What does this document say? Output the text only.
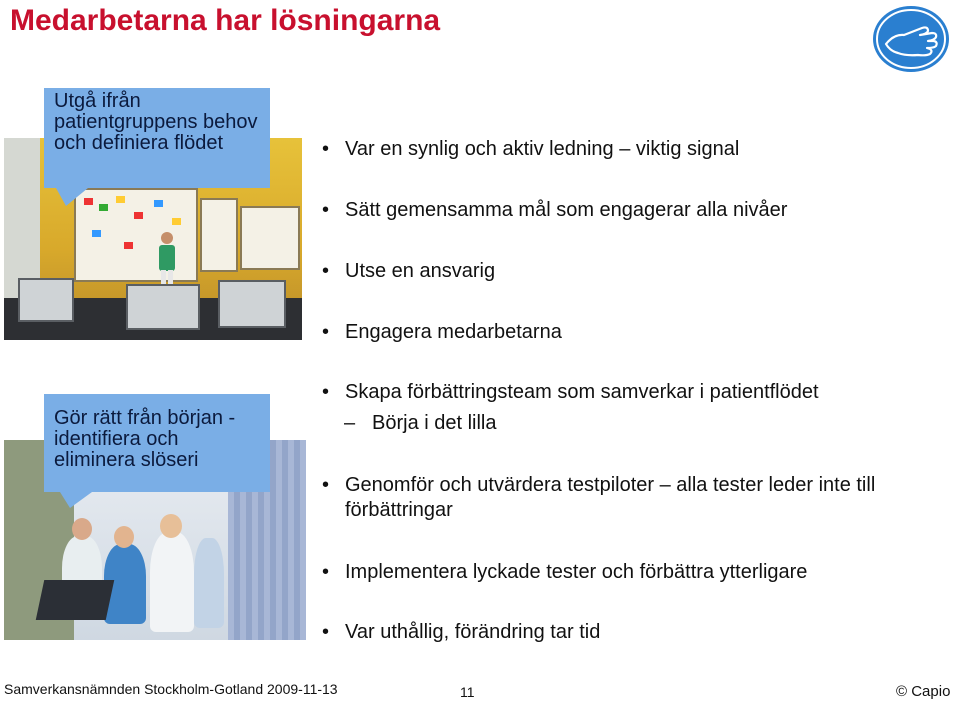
Medarbetarna har lösningarna
Utgå ifrån patientgruppens behov och definiera flödet
Gör rätt från början - identifiera och eliminera slöseri
• Var en synlig och aktiv ledning – viktig signal
• Sätt gemensamma mål som engagerar alla nivåer
• Utse en ansvarig
• Engagera medarbetarna
• Skapa förbättringsteam som samverkar i patientflödet
– Börja i det lilla
• Genomför och utvärdera testpiloter – alla tester leder inte till
förbättringar
• Implementera lyckade tester och förbättra ytterligare
• Var uthållig, förändring tar tid
Samverkansnämnden Stockholm-Gotland 2009-11-13	11	© Capio
